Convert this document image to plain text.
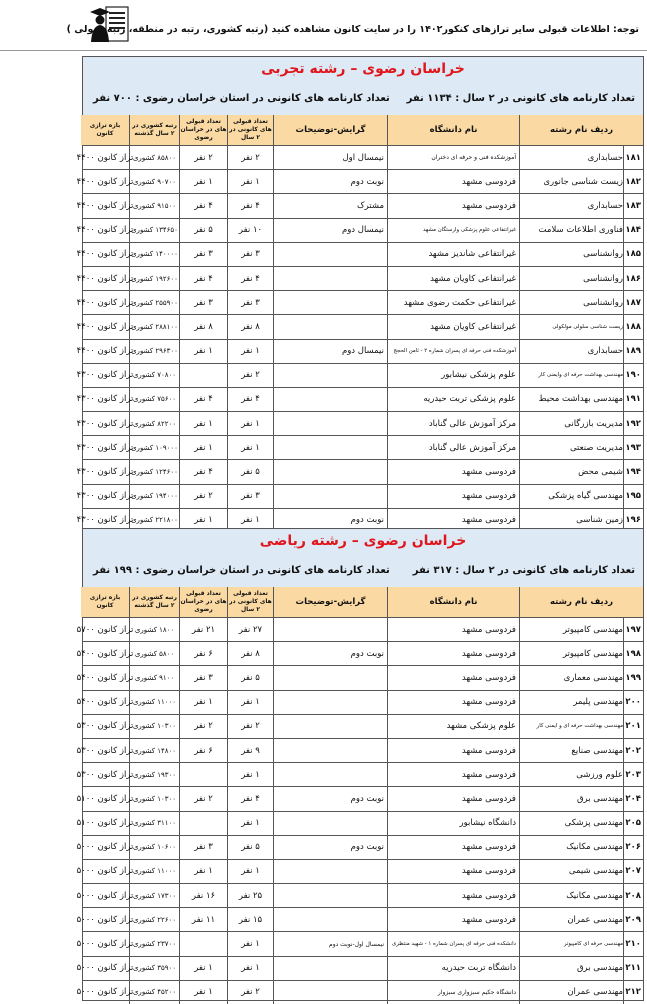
توجه: اطلاعات قبولی سایر ترازهای کنکور۱۴۰۲ را در سایت کانون مشاهده کنید (رتبه کشوری، رتبه در منطقه، رتبه قبولی )
خراسان رضوی – رشته تجربی
تعداد کارنامه های کانونی در ۲ سال : ۱۱۳۴ نفر
تعداد کارنامه های کانونی در استان خراسان رضوی : ۷۰۰ نفر
ردیف نام رشته
نام دانشگاه
گرایش-توضیحات
تعداد قبولی های کانونی در ۲ سال
تعداد قبولی های در خراسان رضوی
رتبه کشوری در ۲ سال گذشته
بازه ترازی کانون
۱۸۱
حسابداری
آموزشکده فنی و حرفه ای دختران
نیمسال اول
۲ نفر
۲ نفر
۸۵۸۰۰ کشوری
تراز کانون ۴۴۰۰
۱۸۲
زیست شناسی جانوری
فردوسی مشهد
نوبت دوم
۱ نفر
۱ نفر
۹۰۷۰۰ کشوری
تراز کانون ۴۴۰۰
۱۸۳
حسابداری
فردوسی مشهد
مشترک
۴ نفر
۴ نفر
۹۱۵۰۰ کشوری
تراز کانون ۴۴۰۰
۱۸۴
فناوری اطلاعات سلامت
غیرانتفاعی علوم پزشکی وارستگان مشهد
نیمسال دوم
۱۰ نفر
۵ نفر
۱۳۴۶۵۰ کشوری
تراز کانون ۴۴۰۰
۱۸۵
روانشناسی
غیرانتفاعی شاندیز مشهد
۳ نفر
۳ نفر
۱۴۰۰۰۰ کشوری
تراز کانون ۴۴۰۰
۱۸۶
روانشناسی
غیرانتفاعی کاویان مشهد
۴ نفر
۴ نفر
۱۹۲۶۰۰ کشوری
تراز کانون ۴۴۰۰
۱۸۷
روانشناسی
غیرانتفاعی حکمت رضوی مشهد
۳ نفر
۳ نفر
۲۵۵۹۰۰ کشوری
تراز کانون ۴۴۰۰
۱۸۸
زیست شناسی سلولی مولکولی
غیرانتفاعی کاویان مشهد
۸ نفر
۸ نفر
۲۸۸۱۰۰ کشوری
تراز کانون ۴۴۰۰
۱۸۹
حسابداری
آموزشکده فنی حرفه ای پسران شماره ۲ - ثامن الحجج
نیمسال دوم
۱ نفر
۱ نفر
۲۹۶۳۰۰ کشوری
تراز کانون ۴۴۰۰
۱۹۰
مهندسی بهداشت حرفه ای وایمنی کار
علوم پزشکی نیشابور
۲ نفر
۷۰۸۰۰ کشوری
تراز کانون ۴۳۰۰
۱۹۱
مهندسی بهداشت محیط
علوم پزشکی تربت حیدریه
۴ نفر
۴ نفر
۷۵۶۰۰ کشوری
تراز کانون ۴۳۰۰
۱۹۲
مدیریت بازرگانی
مرکز آموزش عالی گناباد
۱ نفر
۱ نفر
۸۲۲۰۰ کشوری
تراز کانون ۴۳۰۰
۱۹۳
مدیریت صنعتی
مرکز آموزش عالی گناباد
۱ نفر
۱ نفر
۱۰۹۰۰۰ کشوری
تراز کانون ۴۳۰۰
۱۹۴
شیمی محض
فردوسی مشهد
۵ نفر
۴ نفر
۱۲۴۶۰۰ کشوری
تراز کانون ۴۳۰۰
۱۹۵
مهندسی گیاه پزشکی
فردوسی مشهد
۳ نفر
۲ نفر
۱۹۴۰۰۰ کشوری
تراز کانون ۴۳۰۰
۱۹۶
زمین شناسی
فردوسی مشهد
نوبت دوم
۱ نفر
۱ نفر
۲۲۱۸۰۰ کشوری
تراز کانون ۴۳۰۰
خراسان رضوی – رشته ریاضی
تعداد کارنامه های کانونی در ۲ سال : ۳۱۷ نفر
تعداد کارنامه های کانونی در استان خراسان رضوی : ۱۹۹ نفر
ردیف نام رشته
نام دانشگاه
گرایش-توضیحات
تعداد قبولی های کانونی در ۲ سال
تعداد قبولی های در خراسان رضوی
رتبه کشوری در ۲ سال گذشته
بازه ترازی کانون
۱۹۷
مهندسی کامپیوتر
فردوسی مشهد
۲۷ نفر
۲۱ نفر
۱۸۰۰ کشوری
تراز کانون ۵۷۰۰
۱۹۸
مهندسی کامپیوتر
فردوسی مشهد
نوبت دوم
۸ نفر
۶ نفر
۵۸۰۰ کشوری
تراز کانون ۵۴۰۰
۱۹۹
مهندسی معماری
فردوسی مشهد
۵ نفر
۳ نفر
۹۱۰۰ کشوری
تراز کانون ۵۴۰۰
۲۰۰
مهندسی پلیمر
فردوسی مشهد
۱ نفر
۱ نفر
۱۱۰۰۰ کشوری
تراز کانون ۵۴۰۰
۲۰۱
مهندسی بهداشت حرفه ای و ایمنی کار
علوم پزشکی مشهد
۲ نفر
۲ نفر
۱۰۳۰۰ کشوری
تراز کانون ۵۳۰۰
۲۰۲
مهندسی صنایع
فردوسی مشهد
۹ نفر
۶ نفر
۱۴۸۰۰ کشوری
تراز کانون ۵۳۰۰
۲۰۳
علوم ورزشی
فردوسی مشهد
۱ نفر
۱۹۳۰۰ کشوری
تراز کانون ۵۳۰۰
۲۰۴
مهندسی برق
فردوسی مشهد
نوبت دوم
۴ نفر
۲ نفر
۱۰۳۰۰ کشوری
تراز کانون ۵۱۰۰
۲۰۵
مهندسی پزشکی
دانشگاه نیشابور
۱ نفر
۳۱۱۰۰ کشوری
تراز کانون ۵۱۰۰
۲۰۶
مهندسی مکانیک
فردوسی مشهد
نوبت دوم
۵ نفر
۳ نفر
۱۰۶۰۰ کشوری
تراز کانون ۵۰۰۰
۲۰۷
مهندسی شیمی
فردوسی مشهد
۱ نفر
۱ نفر
۱۱۰۰۰ کشوری
تراز کانون ۵۰۰۰
۲۰۸
مهندسی مکانیک
فردوسی مشهد
۲۵ نفر
۱۶ نفر
۱۷۳۰۰ کشوری
تراز کانون ۵۰۰۰
۲۰۹
مهندسی عمران
فردوسی مشهد
۱۵ نفر
۱۱ نفر
۲۲۶۰۰ کشوری
تراز کانون ۵۰۰۰
۲۱۰
مهندسی حرفه ای کامپیوتر
دانشکده فنی حرفه ای پسران شماره ۱ - شهید منتظری
نیمسال اول-نوبت دوم
۱ نفر
۲۳۷۰۰ کشوری
تراز کانون ۵۰۰۰
۲۱۱
مهندسی برق
دانشگاه تربت حیدریه
۱ نفر
۱ نفر
۳۵۹۰۰ کشوری
تراز کانون ۵۰۰۰
۲۱۲
مهندسی عمران
دانشگاه حکیم سبزواری سبزوار
۲ نفر
۱ نفر
۴۵۲۰۰ کشوری
تراز کانون ۵۰۰۰
